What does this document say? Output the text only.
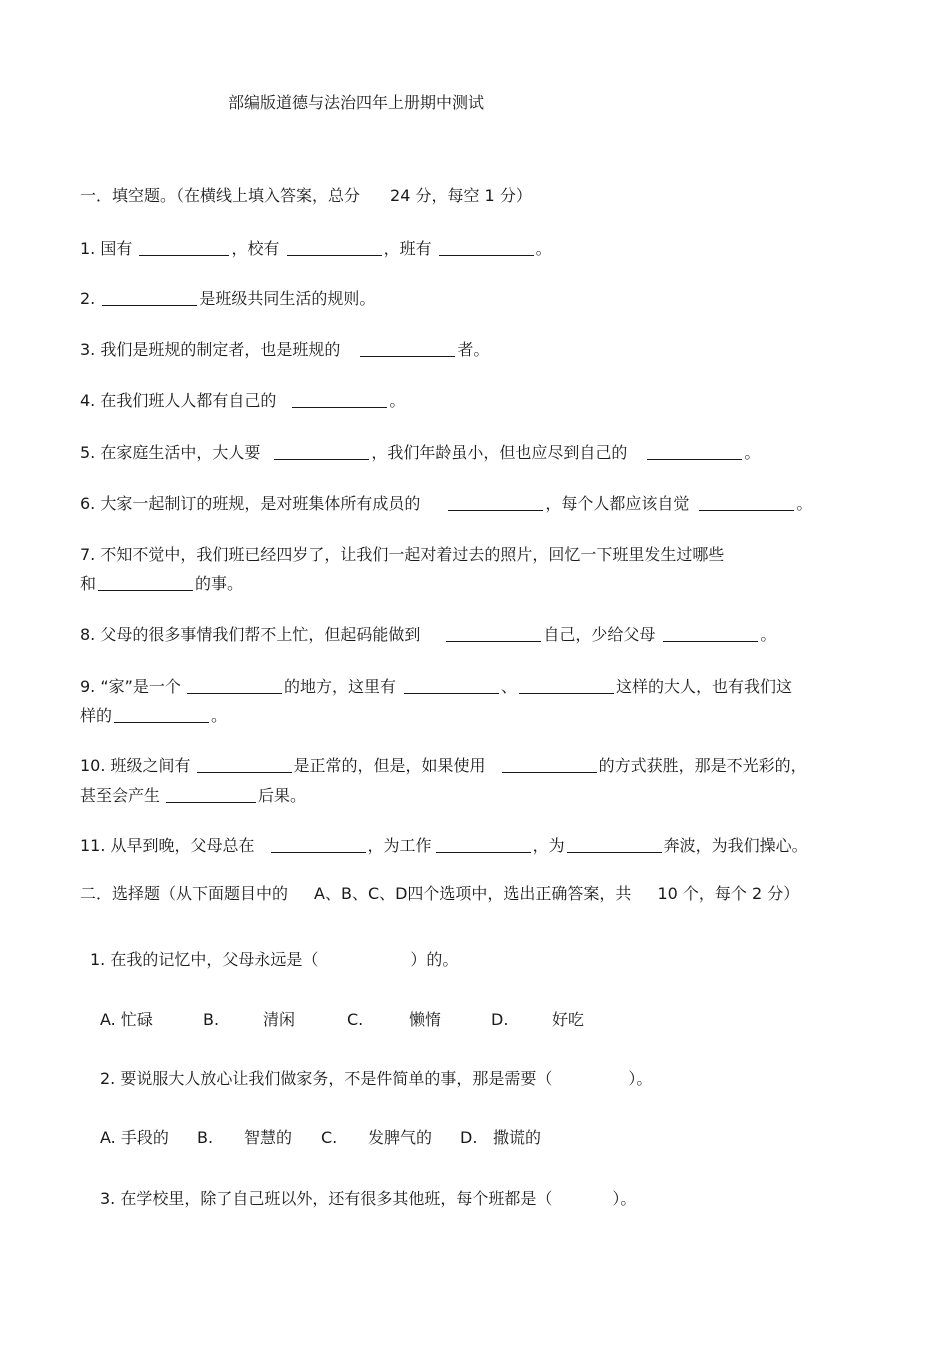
部编版道德与法治四年上册期中测试
一．填空题。（在横线上填入答案，总分 24 分，每空 1 分）
1. 国有	，校有	，班有	。
2.	是班级共同生活的规则。
3. 我们是班规的制定者，也是班规的	者。
4. 在我们班人人都有自己的	。
5. 在家庭生活中，大人要	，我们年龄虽小，但也应尽到自己的	。
6. 大家一起制订的班规，是对班集体所有成员的	，每个人都应该自觉	。
7. 不知不觉中，我们班已经四岁了，让我们一起对着过去的照片，回忆一下班里发生过哪些
和	的事。
8. 父母的很多事情我们帮不上忙，但起码能做到	自己，少给父母	。
9. “家”是一个	的地方，这里有	、	这样的大人，也有我们这
样的	。
10. 班级之间有	是正常的，但是，如果使用	的方式获胜，那是不光彩的，
甚至会产生	后果。
11. 从早到晚，父母总在	，为工作	，为	奔波，为我们操心。
二．选择题（从下面题目中的 A、B、C、D四个选项中，选出正确答案，共 10 个，每个 2 分）
1. 在我的记忆中，父母永远是（	）的。
A. 忙碌	B.	清闲	C.	懒惰	D.	好吃
2. 要说服大人放心让我们做家务，不是件简单的事，那是需要（	）。
A. 手段的 B. 智慧的 C. 发脾气的 D. 撒谎的
3. 在学校里，除了自己班以外，还有很多其他班，每个班都是（	）。
